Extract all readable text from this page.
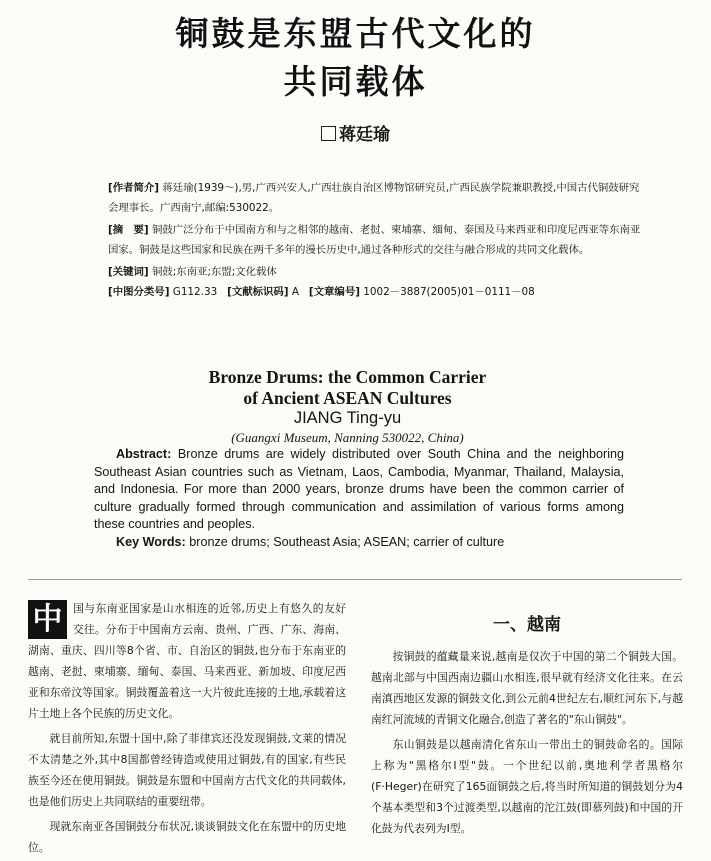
铜鼓是东盟古代文化的
共同载体
蒋廷瑜

[作者简介] 蒋廷瑜(1939～),男,广西兴安人,广西壮族自治区博物馆研究员,广西民族学院兼职教授,中国古代铜鼓研究会理事长。广西南宁,邮编:530022。

[摘　要] 铜鼓广泛分布于中国南方和与之相邻的越南、老挝、柬埔寨、缅甸、泰国及马来西亚和印度尼西亚等东南亚国家。铜鼓是这些国家和民族在两千多年的漫长历史中,通过各种形式的交往与融合形成的共同文化载体。

[关键词] 铜鼓;东南亚;东盟;文化载体

[中图分类号] G112.33 [文献标识码] A [文章编号] 1002－3887(2005)01－0111－08

Bronze Drums: the Common Carrier
of Ancient ASEAN Cultures
JIANG Ting-yu
(Guangxi Museum, Nanning 530022, China)

Abstract: Bronze drums are widely distributed over South China and the neighboring Southeast Asian countries such as Vietnam, Laos, Cambodia, Myanmar, Thailand, Malaysia, and Indonesia. For more than 2000 years, bronze drums have been the common carrier of culture gradually formed through communication and assimilation of various forms among these countries and peoples.

Key Words: bronze drums; Southeast Asia; ASEAN; carrier of culture

中 国与东南亚国家是山水相连的近邻,历史上有悠久的友好交往。分布于中国南方云南、贵州、广西、广东、海南、湖南、重庆、四川等8个省、市、自治区的铜鼓,也分布于东南亚的越南、老挝、柬埔寨、缅甸、泰国、马来西亚、新加坡、印度尼西亚和东帝汶等国家。铜鼓覆盖着这一大片彼此连接的土地,承载着这片土地上各个民族的历史文化。

就目前所知,东盟十国中,除了菲律宾还没发现铜鼓,文莱的情况不太清楚之外,其中8国都曾经铸造或使用过铜鼓,有的国家,有些民族至今还在使用铜鼓。铜鼓是东盟和中国南方古代文化的共同载体,也是他们历史上共同联结的重要纽带。

现就东南亚各国铜鼓分布状况,谈谈铜鼓文化在东盟中的历史地位。

一、越南

按铜鼓的蕴藏量来说,越南是仅次于中国的第二个铜鼓大国。越南北部与中国西南边疆山水相连,很早就有经济文化往来。在云南滇西地区发源的铜鼓文化,到公元前4世纪左右,顺红河东下,与越南红河流域的青铜文化融合,创造了著名的"东山铜鼓"。

东山铜鼓是以越南清化省东山一带出土的铜鼓命名的。国际上称为"黑格尔Ⅰ型"鼓。一个世纪以前,奥地利学者黑格尔(F·Heger)在研究了165面铜鼓之后,将当时所知道的铜鼓划分为4个基本类型和3个过渡类型,以越南的沱江鼓(即慕列鼓)和中国的开化鼓为代表列为Ⅰ型。
